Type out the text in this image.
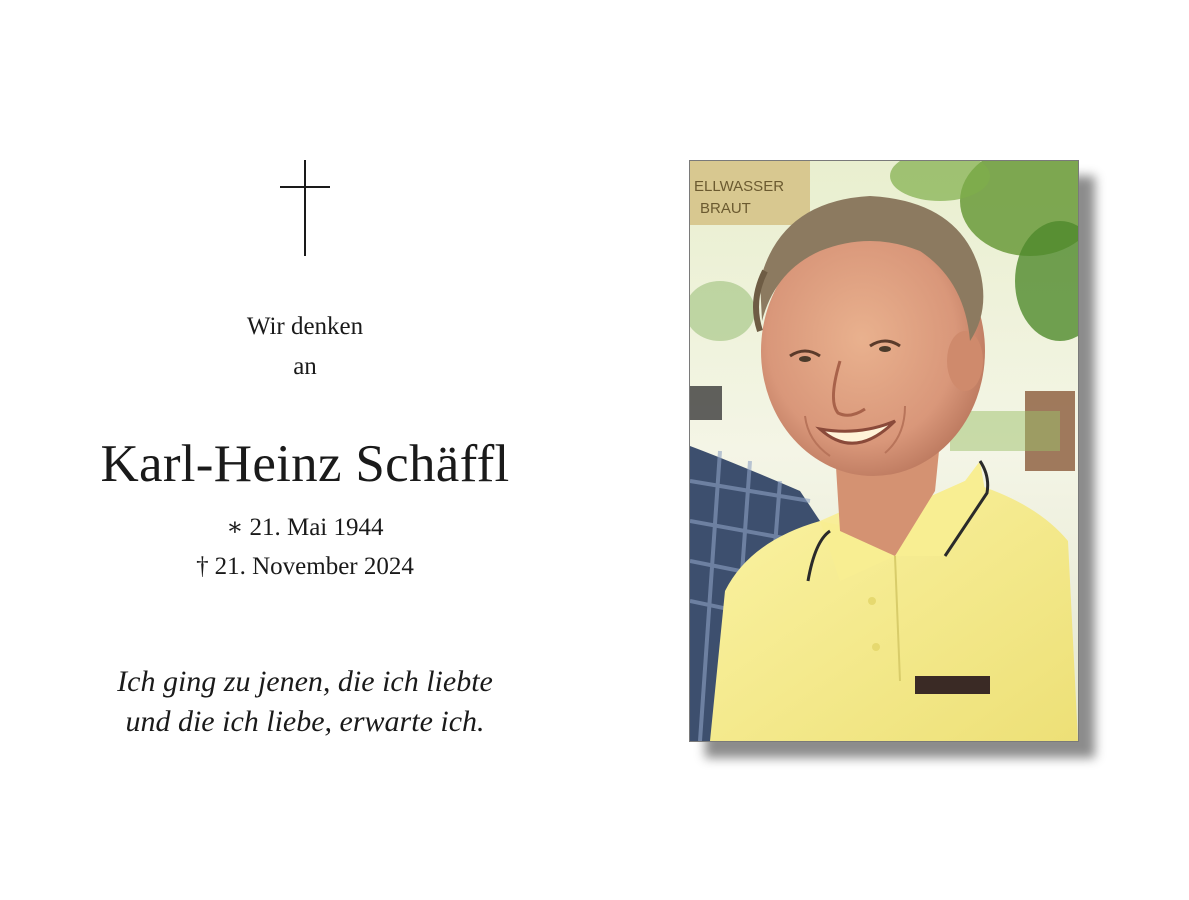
Wir denken
an
Karl-Heinz Schäffl
∗ 21. Mai 1944
† 21. November 2024
Ich ging zu jenen, die ich liebte
und die ich liebe, erwarte ich.
ELLWASSER
BRAUT
